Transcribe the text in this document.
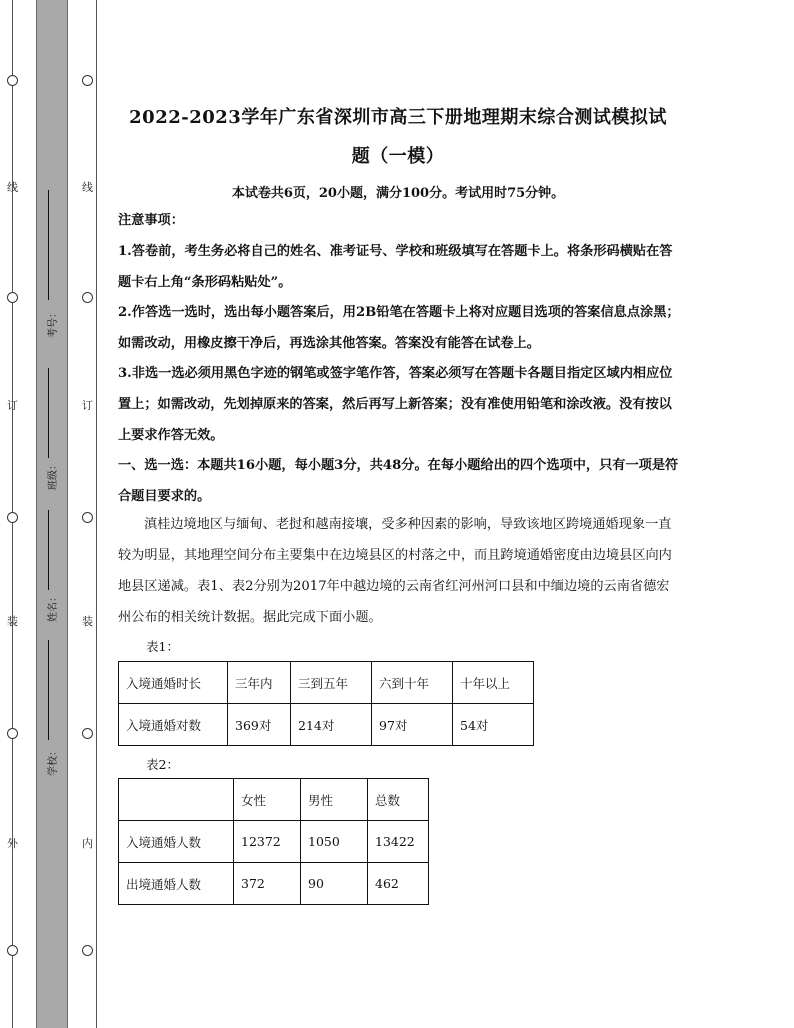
线
订
装
外
线
订
装
内
考号：
班级：
姓名：
学校：
2022-2023学年广东省深圳市高三下册地理期末综合测试模拟试
题（一模）
本试卷共6页，20小题，满分100分。考试用时75分钟。
注意事项：
1.答卷前，考生务必将自己的姓名、准考证号、学校和班级填写在答题卡上。将条形码横贴在答题卡右上角“条形码粘贴处”。
2.作答选一选时，选出每小题答案后，用2B铅笔在答题卡上将对应题目选项的答案信息点涂黑；如需改动，用橡皮擦干净后，再选涂其他答案。答案没有能答在试卷上。
3.非选一选必须用黑色字迹的钢笔或签字笔作答，答案必须写在答题卡各题目指定区域内相应位置上；如需改动，先划掉原来的答案，然后再写上新答案；没有准使用铅笔和涂改液。没有按以上要求作答无效。
一、选一选：本题共16小题，每小题3分，共48分。在每小题给出的四个选项中，只有一项是符合题目要求的。
滇桂边境地区与缅甸、老挝和越南接壤，受多种因素的影响，导致该地区跨境通婚现象一直较为明显，其地理空间分布主要集中在边境县区的村落之中，而且跨境通婚密度由边境县区向内地县区递减。表1、表2分别为2017年中越边境的云南省红河州河口县和中缅边境的云南省德宏州公布的相关统计数据。据此完成下面小题。
表1：
入境通婚时长	三年内	三到五年	六到十年	十年以上
入境通婚对数	369对	214对	97对	54对
表2：
	女性	男性	总数
入境通婚人数	12372	1050	13422
出境通婚人数	372	90	462
